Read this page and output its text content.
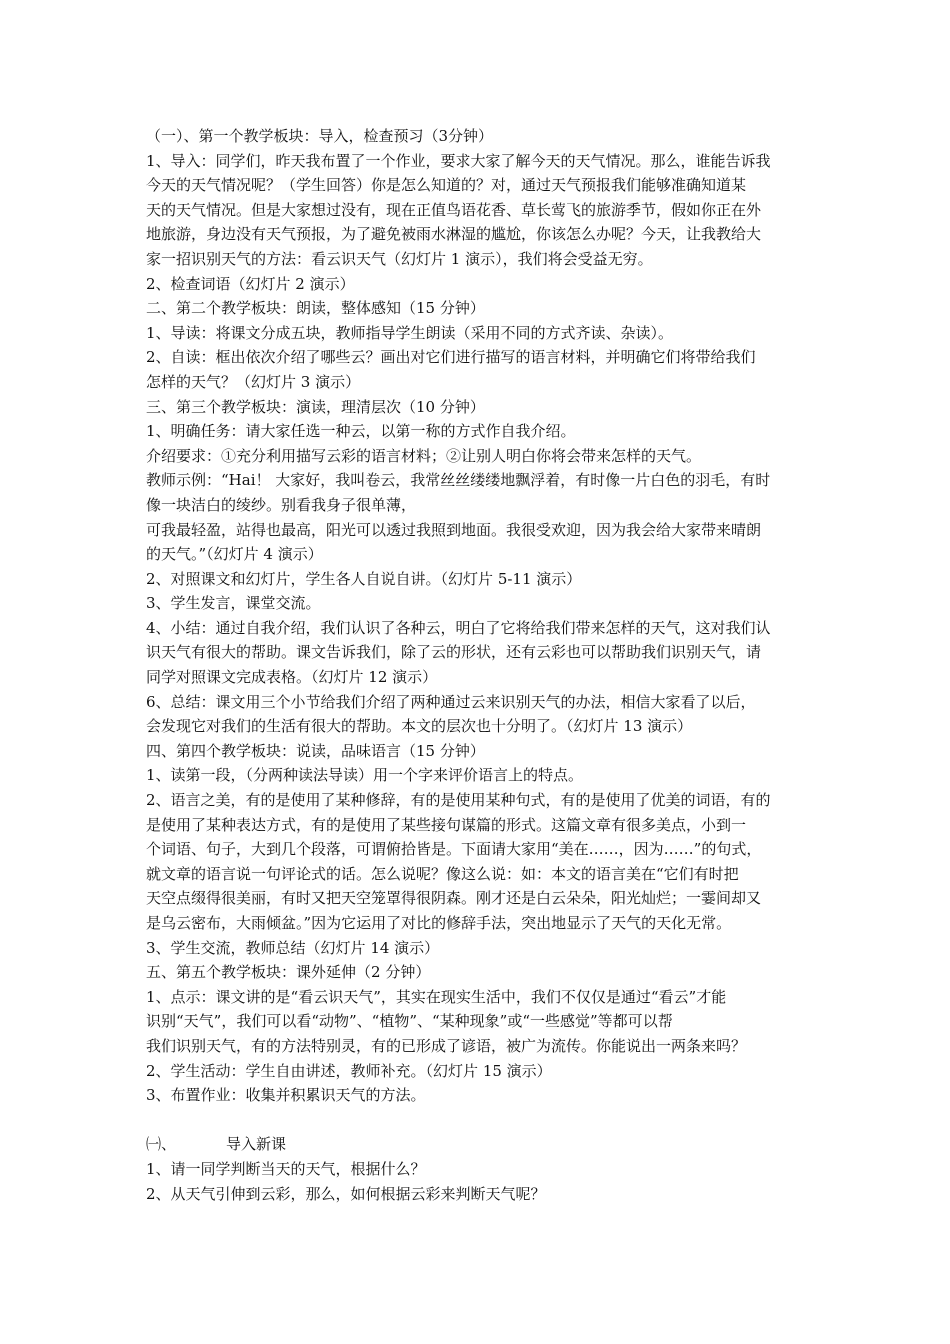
（一）、第一个教学板块：导入，检查预习（3分钟）
1、导入：同学们，昨天我布置了一个作业，要求大家了解今天的天气情况。那么，谁能告诉我
今天的天气情况呢？（学生回答）你是怎么知道的？对，通过天气预报我们能够准确知道某
天的天气情况。但是大家想过没有，现在正值鸟语花香、草长莺飞的旅游季节，假如你正在外
地旅游，身边没有天气预报，为了避免被雨水淋湿的尴尬，你该怎么办呢？今天，让我教给大
家一招识别天气的方法：看云识天气（幻灯片 1 演示），我们将会受益无穷。
2、检查词语（幻灯片 2 演示）
二、第二个教学板块：朗读，整体感知（15 分钟）
1、导读：将课文分成五块，教师指导学生朗读（采用不同的方式齐读、杂读）。
2、自读：框出依次介绍了哪些云？画出对它们进行描写的语言材料，并明确它们将带给我们
怎样的天气？（幻灯片 3 演示）
三、第三个教学板块：演读，理清层次（10 分钟）
1、明确任务：请大家任选一种云，以第一称的方式作自我介绍。
介绍要求：①充分利用描写云彩的语言材料；②让别人明白你将会带来怎样的天气。
教师示例：“Hai！ 大家好，我叫卷云，我常丝丝缕缕地飘浮着，有时像一片白色的羽毛，有时
像一块洁白的绫纱。别看我身子很单薄，
可我最轻盈，站得也最高，阳光可以透过我照到地面。我很受欢迎，因为我会给大家带来晴朗
的天气。”（幻灯片 4 演示）
2、对照课文和幻灯片，学生各人自说自讲。（幻灯片 5-11 演示）
3、学生发言，课堂交流。
4、小结：通过自我介绍，我们认识了各种云，明白了它将给我们带来怎样的天气，这对我们认
识天气有很大的帮助。课文告诉我们，除了云的形状，还有云彩也可以帮助我们识别天气，请
同学对照课文完成表格。（幻灯片 12 演示）
6、总结：课文用三个小节给我们介绍了两种通过云来识别天气的办法，相信大家看了以后，
会发现它对我们的生活有很大的帮助。本文的层次也十分明了。（幻灯片 13 演示）
四、第四个教学板块：说读，品味语言（15 分钟）
1、读第一段，（分两种读法导读）用一个字来评价语言上的特点。
2、语言之美，有的是使用了某种修辞，有的是使用某种句式，有的是使用了优美的词语，有的
是使用了某种表达方式，有的是使用了某些接句谋篇的形式。这篇文章有很多美点，小到一
个词语、句子，大到几个段落，可谓俯拾皆是。下面请大家用“美在……，因为……”的句式，
就文章的语言说一句评论式的话。怎么说呢？像这么说：如：本文的语言美在“它们有时把
天空点缀得很美丽，有时又把天空笼罩得很阴森。刚才还是白云朵朵，阳光灿烂；一霎间却又
是乌云密布，大雨倾盆。”因为它运用了对比的修辞手法，突出地显示了天气的天化无常。
3、学生交流，教师总结（幻灯片 14 演示）
五、第五个教学板块：课外延伸（2 分钟）
1、点示：课文讲的是“看云识天气”，其实在现实生活中，我们不仅仅是通过“看云”才能
识别“天气”，我们可以看“动物”、“植物”、“某种现象”或“一些感觉”等都可以帮
我们识别天气，有的方法特别灵，有的已形成了谚语，被广为流传。你能说出一两条来吗？
2、学生活动：学生自由讲述，教师补充。（幻灯片 15 演示）
3、布置作业：收集并积累识天气的方法。
㈠、	导入新课
1、请一同学判断当天的天气，根据什么？
2、从天气引伸到云彩，那么，如何根据云彩来判断天气呢？
